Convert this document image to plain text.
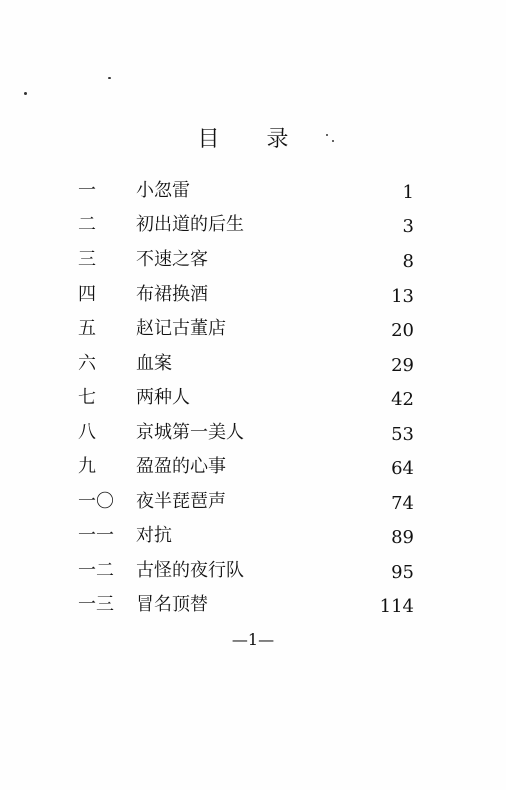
目 录
一 小忽雷	1
二 初出道的后生	3
三 不速之客	8
四 布裙换酒	13
五 赵记古董店	20
六 血案	29
七 两种人	42
八 京城第一美人	53
九 盈盈的心事	64
一〇 夜半琵琶声	74
一一 对抗	89
一二 古怪的夜行队	95
一三 冒名顶替	114
—1—
